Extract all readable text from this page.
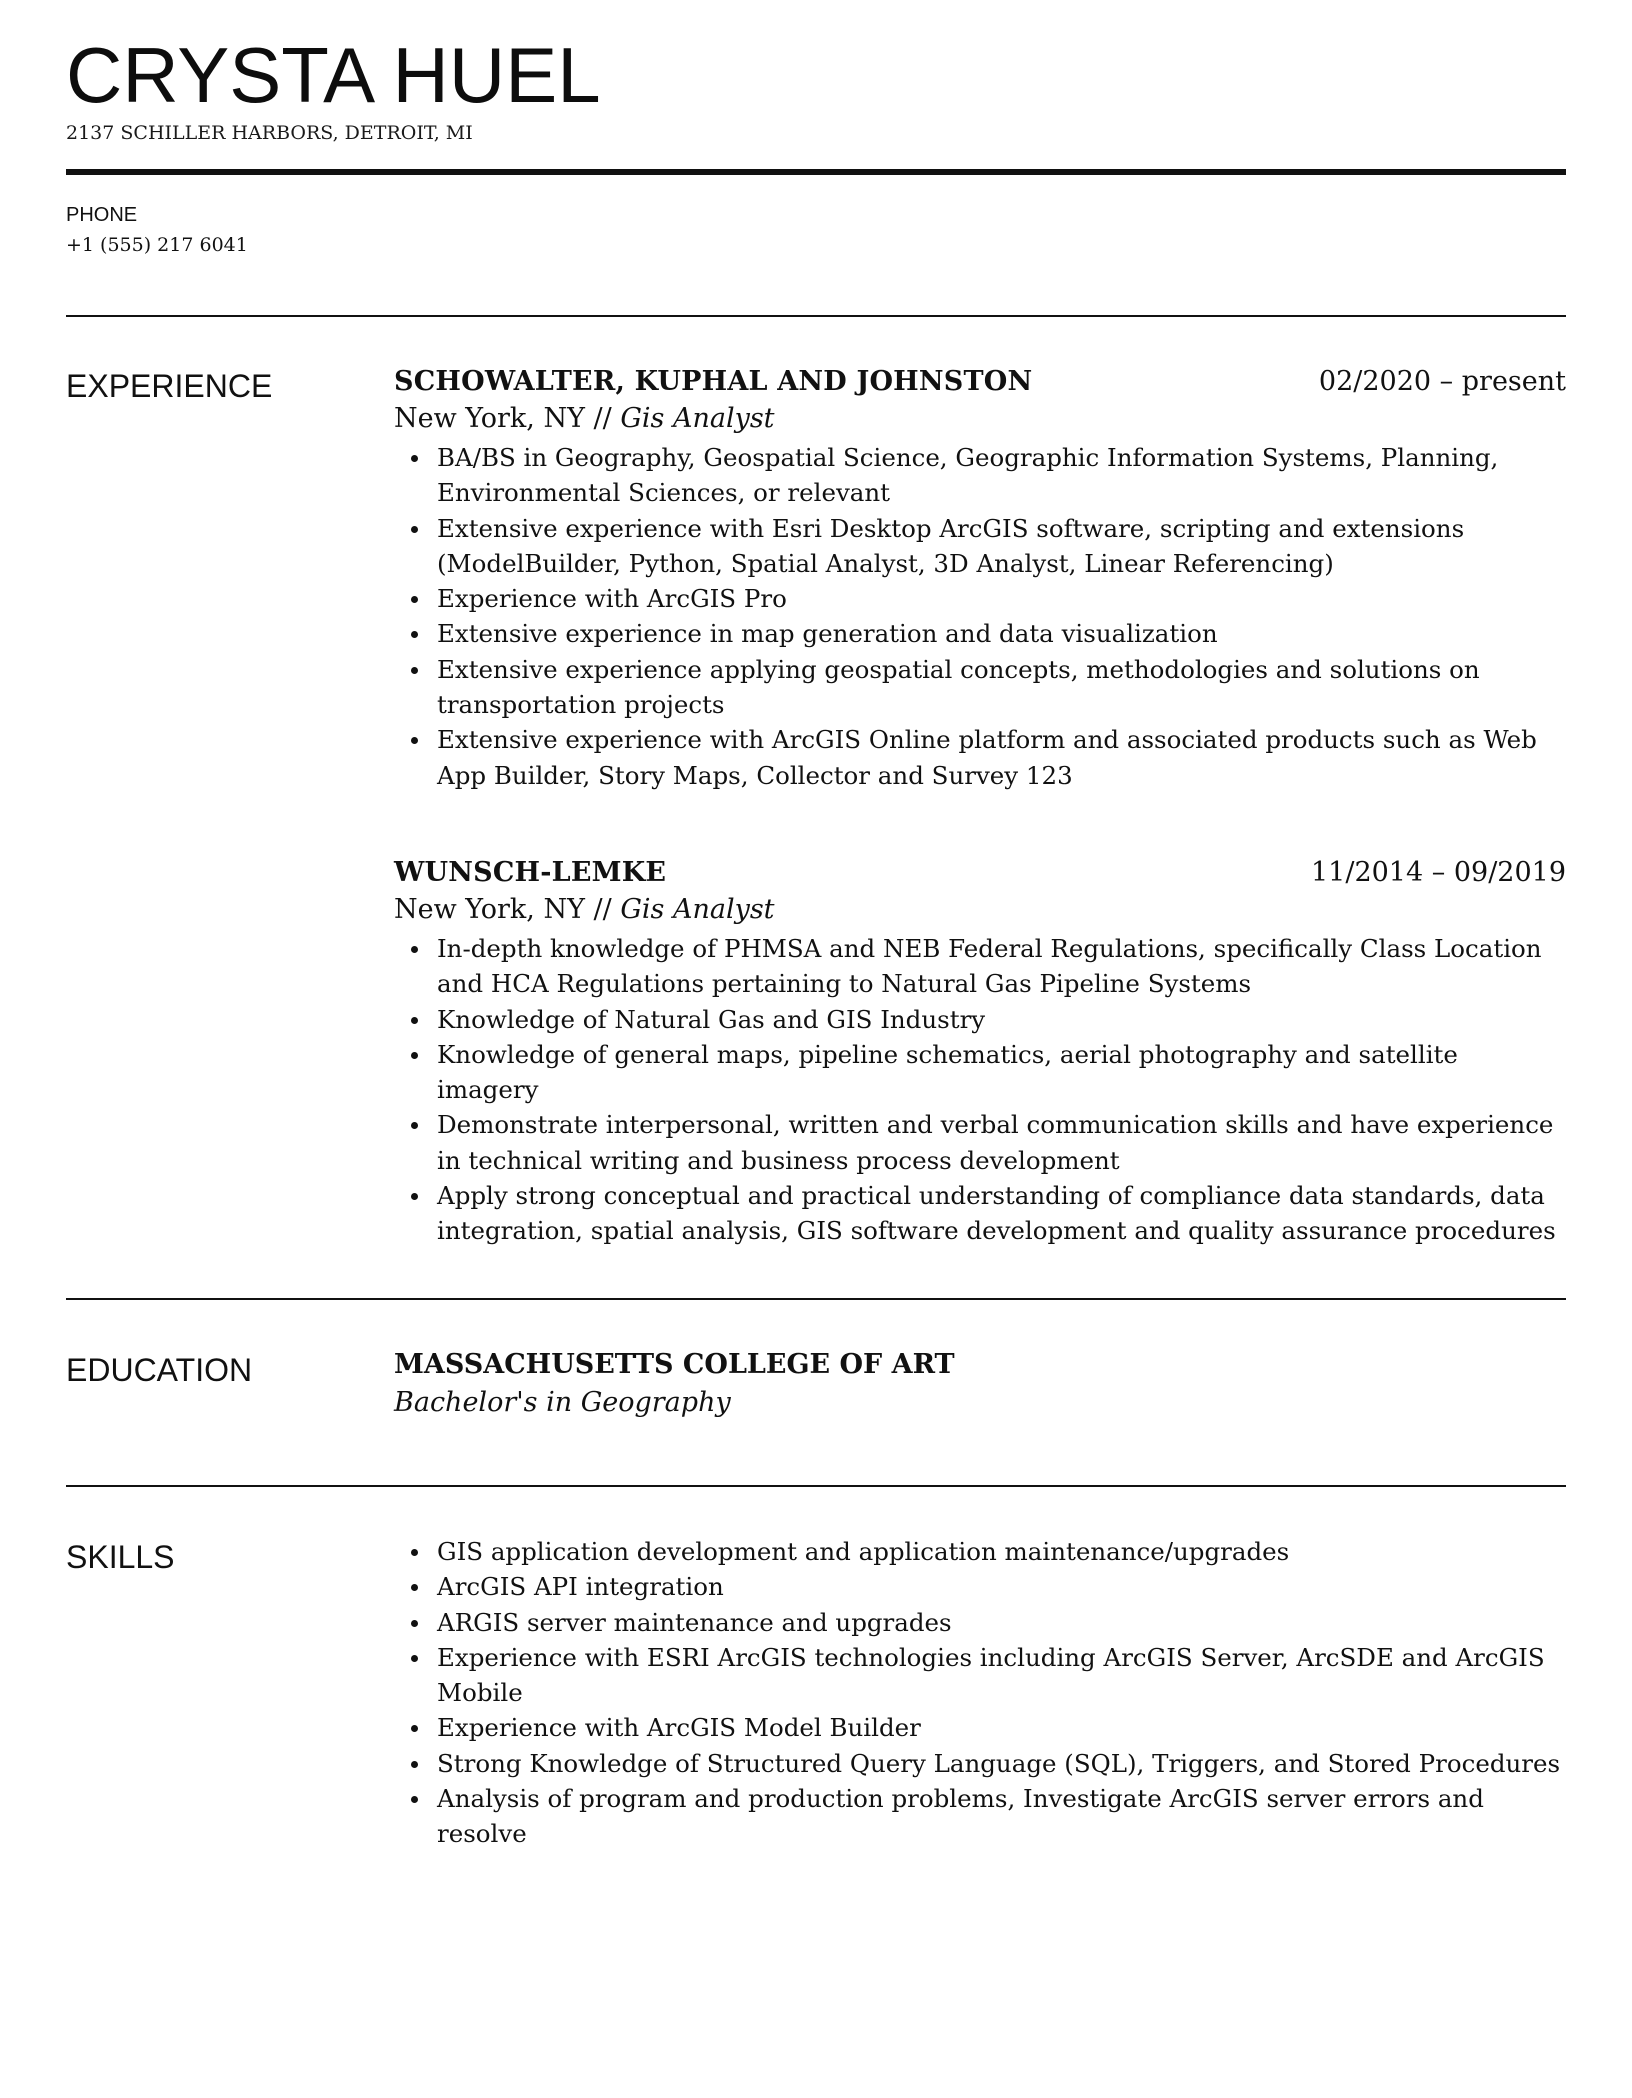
CRYSTA HUEL
2137 SCHILLER HARBORS, DETROIT, MI
PHONE
+1 (555) 217 6041
EXPERIENCE	SCHOWALTER, KUPHAL AND JOHNSTON	02/2020 – present
New York, NY // Gis Analyst
BA/BS in Geography, Geospatial Science, Geographic Information Systems, Planning, Environmental Sciences, or relevant
Extensive experience with Esri Desktop ArcGIS software, scripting and extensions (ModelBuilder, Python, Spatial Analyst, 3D Analyst, Linear Referencing)
Experience with ArcGIS Pro
Extensive experience in map generation and data visualization
Extensive experience applying geospatial concepts, methodologies and solutions on transportation projects
Extensive experience with ArcGIS Online platform and associated products such as Web App Builder, Story Maps, Collector and Survey 123
WUNSCH-LEMKE	11/2014 – 09/2019
New York, NY // Gis Analyst
In-depth knowledge of PHMSA and NEB Federal Regulations, specifically Class Location and HCA Regulations pertaining to Natural Gas Pipeline Systems
Knowledge of Natural Gas and GIS Industry
Knowledge of general maps, pipeline schematics, aerial photography and satellite imagery
Demonstrate interpersonal, written and verbal communication skills and have experience in technical writing and business process development
Apply strong conceptual and practical understanding of compliance data standards, data integration, spatial analysis, GIS software development and quality assurance procedures
EDUCATION	MASSACHUSETTS COLLEGE OF ART
Bachelor's in Geography
SKILLS	GIS application development and application maintenance/upgrades
ArcGIS API integration
ARGIS server maintenance and upgrades
Experience with ESRI ArcGIS technologies including ArcGIS Server, ArcSDE and ArcGIS Mobile
Experience with ArcGIS Model Builder
Strong Knowledge of Structured Query Language (SQL), Triggers, and Stored Procedures
Analysis of program and production problems, Investigate ArcGIS server errors and resolve
